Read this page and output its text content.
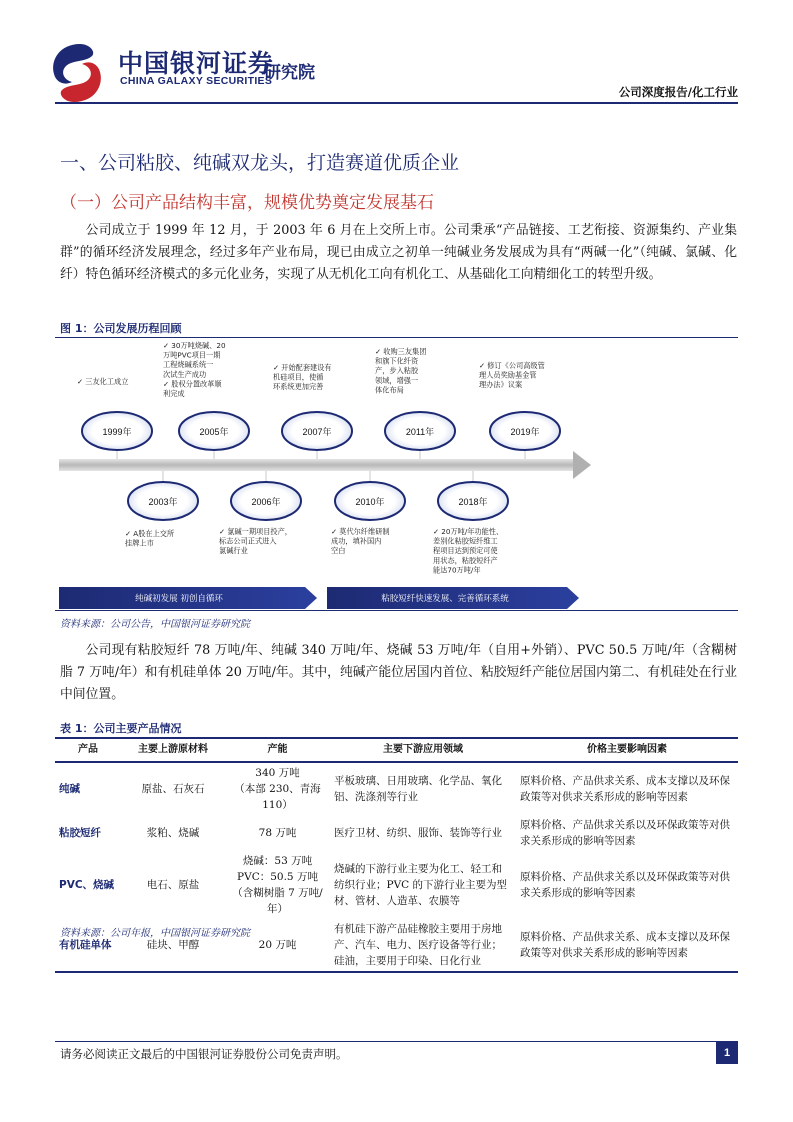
中国银河证券
CHINA GALAXY SECURITIES
研究院
公司深度报告/化工行业
一、公司粘胶、纯碱双龙头，打造赛道优质企业
（一）公司产品结构丰富，规模优势奠定发展基石

公司成立于 1999 年 12 月，于 2003 年 6 月在上交所上市。公司秉承“产品链接、工艺衔接、资源集约、产业集群”的循环经济发展理念，经过多年产业布局，现已由成立之初单一纯碱业务发展成为具有“两碱一化”（纯碱、氯碱、化纤）特色循环经济模式的多元化业务，实现了从无机化工向有机化工、从基础化工向精细化工的转型升级。

图 1：公司发展历程回顾
1999年	2005年	2007年	2011年	2019年
2003年	2006年	2010年	2018年
✓ 三友化工成立
✓ 30万吨烧碱、20
万吨PVC项目一期
工程烧碱系统一
次试生产成功
✓ 股权分置改革顺
利完成
✓ 开始配套建设有
机硅项目，使循
环系统更加完善
✓ 收购三友集团
和旗下化纤资
产，步入粘胶
领域，增强一
体化布局
✓ 修订《公司高级管
理人员奖励基金管
理办法》议案
✓ A股在上交所
挂牌上市
✓ 氯碱一期项目投产，
标志公司正式进入
氯碱行业
✓ 莫代尔纤维研制
成功，填补国内
空白
✓ 20万吨/年功能性、
差别化粘胶短纤维工
程项目达到预定可使
用状态，粘胶短纤产
能达70万吨/年
纯碱初发展 初创自循环	粘胶短纤快速发展、完善循环系统
资料来源：公司公告，中国银河证券研究院

公司现有粘胶短纤 78 万吨/年、纯碱 340 万吨/年、烧碱 53 万吨/年（自用+外销）、PVC 50.5 万吨/年（含糊树脂 7 万吨/年）和有机硅单体 20 万吨/年。其中，纯碱产能位居国内首位、粘胶短纤产能位居国内第二、有机硅处在行业中间位置。

表 1：公司主要产品情况
产品	主要上游原材料	产能	主要下游应用领域	价格主要影响因素
纯碱	原盐、石灰石	340 万吨
（本部 230、青海 110）	平板玻璃、日用玻璃、化学品、氧化铝、洗涤剂等行业	原料价格、产品供求关系、成本支撑以及环保政策等对供求关系形成的影响等因素
粘胶短纤	浆粕、烧碱	78 万吨	医疗卫材、纺织、服饰、装饰等行业	原料价格、产品供求关系以及环保政策等对供求关系形成的影响等因素
PVC、烧碱	电石、原盐	烧碱：53 万吨
PVC：50.5 万吨（含糊树脂 7 万吨/年）	烧碱的下游行业主要为化工、轻工和纺织行业；PVC 的下游行业主要为型材、管材、人造革、农膜等	原料价格、产品供求关系以及环保政策等对供求关系形成的影响等因素
有机硅单体	硅块、甲醇	20 万吨	有机硅下游产品硅橡胶主要用于房地产、汽车、电力、医疗设备等行业；硅油，主要用于印染、日化行业	原料价格、产品供求关系、成本支撑以及环保政策等对供求关系形成的影响等因素
资料来源：公司年报，中国银河证券研究院
请务必阅读正文最后的中国银河证券股份公司免责声明。	1
